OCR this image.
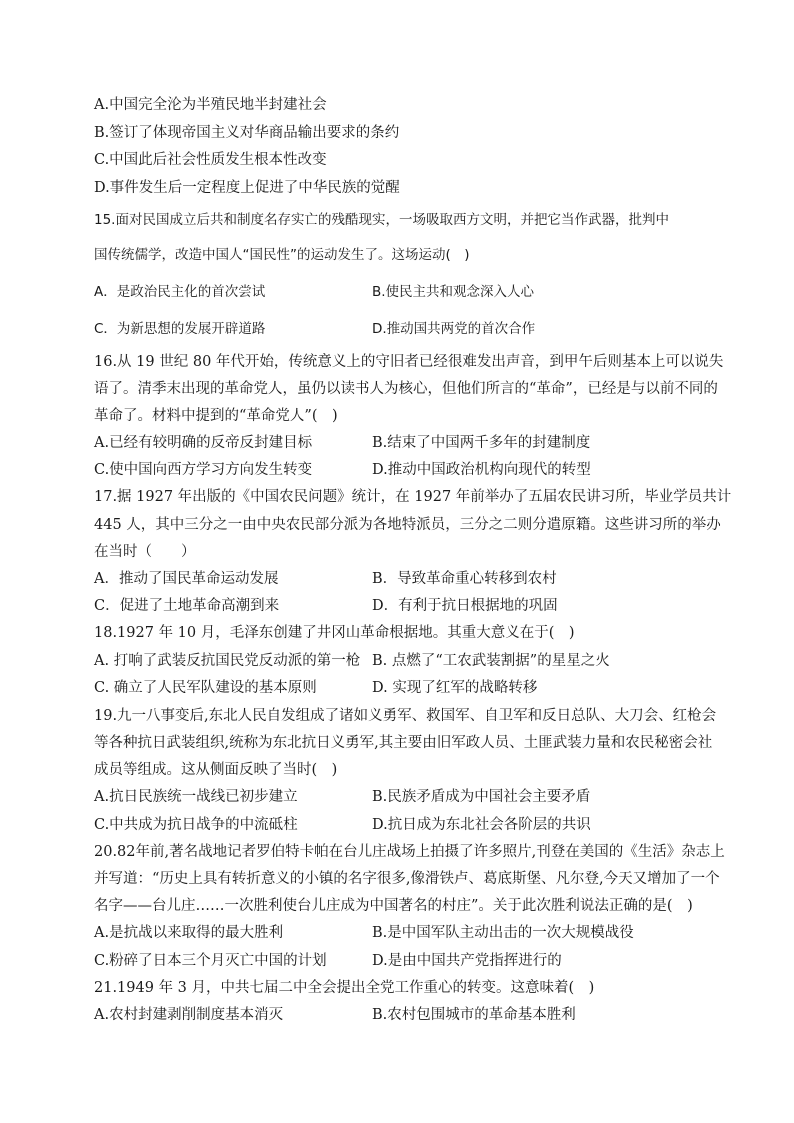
A.中国完全沦为半殖民地半封建社会
B.签订了体现帝国主义对华商品输出要求的条约
C.中国此后社会性质发生根本性改变
D.事件发生后一定程度上促进了中华民族的觉醒
15.面对民国成立后共和制度名存实亡的残酷现实，一场吸取西方文明，并把它当作武器，批判中
国传统儒学，改造中国人“国民性”的运动发生了。这场运动(　)
A．是政治民主化的首次尝试	B.使民主共和观念深入人心
C．为新思想的发展开辟道路	D.推动国共两党的首次合作
16.从 19 世纪 80 年代开始，传统意义上的守旧者已经很难发出声音，到甲午后则基本上可以说失
语了。清季末出现的革命党人，虽仍以读书人为核心，但他们所言的“革命”，已经是与以前不同的
革命了。材料中提到的“革命党人”(　)
A.已经有较明确的反帝反封建目标	B.结束了中国两千多年的封建制度
C.使中国向西方学习方向发生转变	D.推动中国政治机构向现代的转型
17.据 1927 年出版的《中国农民问题》统计，在 1927 年前举办了五届农民讲习所，毕业学员共计
445 人，其中三分之一由中央农民部分派为各地特派员，三分之二则分遣原籍。这些讲习所的举办
在当时（　　）
A．推动了国民革命运动发展	B．导致革命重心转移到农村
C．促进了土地革命高潮到来	D．有利于抗日根据地的巩固
18.1927 年 10 月，毛泽东创建了井冈山革命根据地。其重大意义在于(　)
A. 打响了武装反抗国民党反动派的第一枪 B. 点燃了“工农武装割据”的星星之火
C. 确立了人民军队建设的基本原则	D. 实现了红军的战略转移
19.九一八事变后,东北人民自发组成了诸如义勇军、救国军、自卫军和反日总队、大刀会、红枪会
等各种抗日武装组织,统称为东北抗日义勇军,其主要由旧军政人员、土匪武装力量和农民秘密会社
成员等组成。这从侧面反映了当时(　)
A.抗日民族统一战线已初步建立	B.民族矛盾成为中国社会主要矛盾
C.中共成为抗日战争的中流砥柱	D.抗日成为东北社会各阶层的共识
20.82年前,著名战地记者罗伯特卡帕在台儿庄战场上拍摄了许多照片,刊登在美国的《生活》杂志上
并写道：“历史上具有转折意义的小镇的名字很多,像滑铁卢、葛底斯堡、凡尔登,今天又增加了一个
名字——台儿庄……一次胜利使台儿庄成为中国著名的村庄”。关于此次胜利说法正确的是(　)
A.是抗战以来取得的最大胜利	B.是中国军队主动出击的一次大规模战役
C.粉碎了日本三个月灭亡中国的计划	D.是由中国共产党指挥进行的
21.1949 年 3 月，中共七届二中全会提出全党工作重心的转变。这意味着(　)
A.农村封建剥削制度基本消灭	B.农村包围城市的革命基本胜利
